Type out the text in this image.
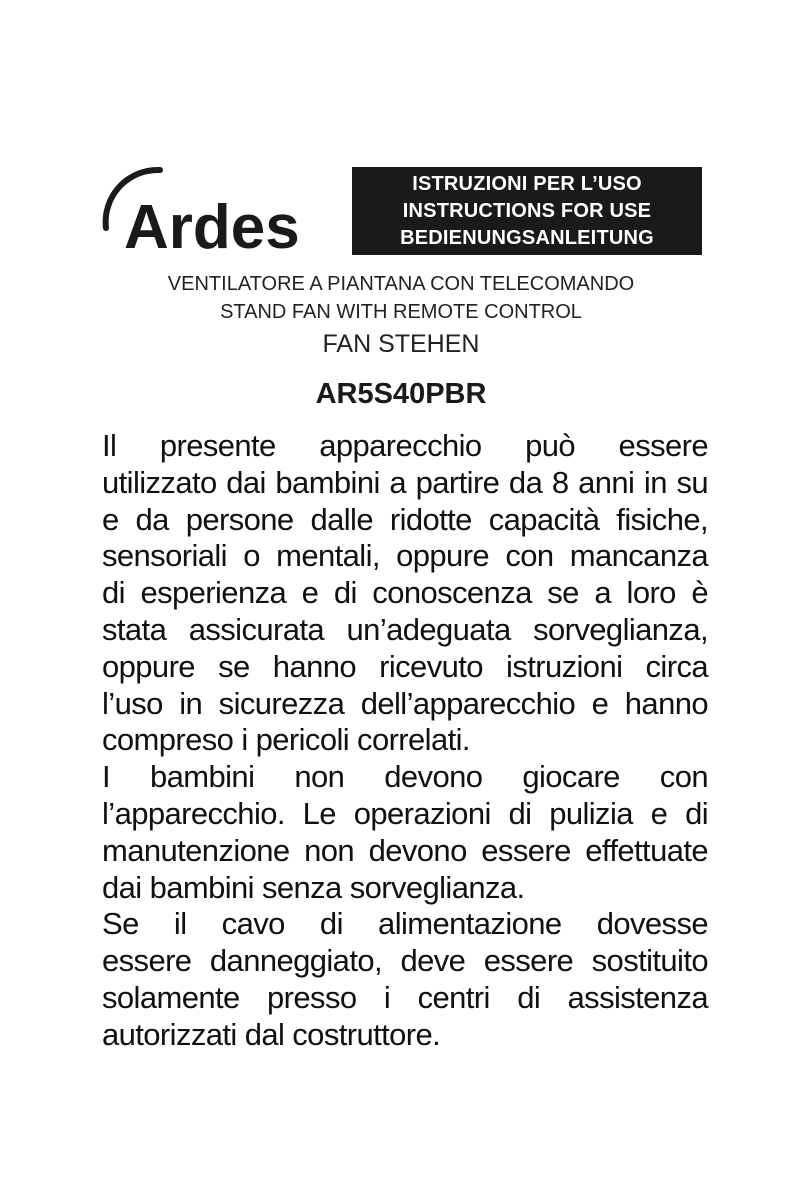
Ardes
ISTRUZIONI PER L’USO
INSTRUCTIONS FOR USE
BEDIENUNGSANLEITUNG
VENTILATORE A PIANTANA CON TELECOMANDO
STAND FAN WITH REMOTE CONTROL
FAN STEHEN
AR5S40PBR
Il presente apparecchio può essere
utilizzato dai bambini a partire da 8 anni in su
e da persone dalle ridotte capacità fisiche,
sensoriali o mentali, oppure con mancanza
di esperienza e di conoscenza se a loro è
stata assicurata un’adeguata sorveglianza,
oppure se hanno ricevuto istruzioni circa
l’uso in sicurezza dell’apparecchio e hanno
compreso i pericoli correlati.
I bambini non devono giocare con
l’apparecchio. Le operazioni di pulizia e di
manutenzione non devono essere effettuate
dai bambini senza sorveglianza.
Se il cavo di alimentazione dovesse
essere danneggiato, deve essere sostituito
solamente presso i centri di assistenza
autorizzati dal costruttore.
